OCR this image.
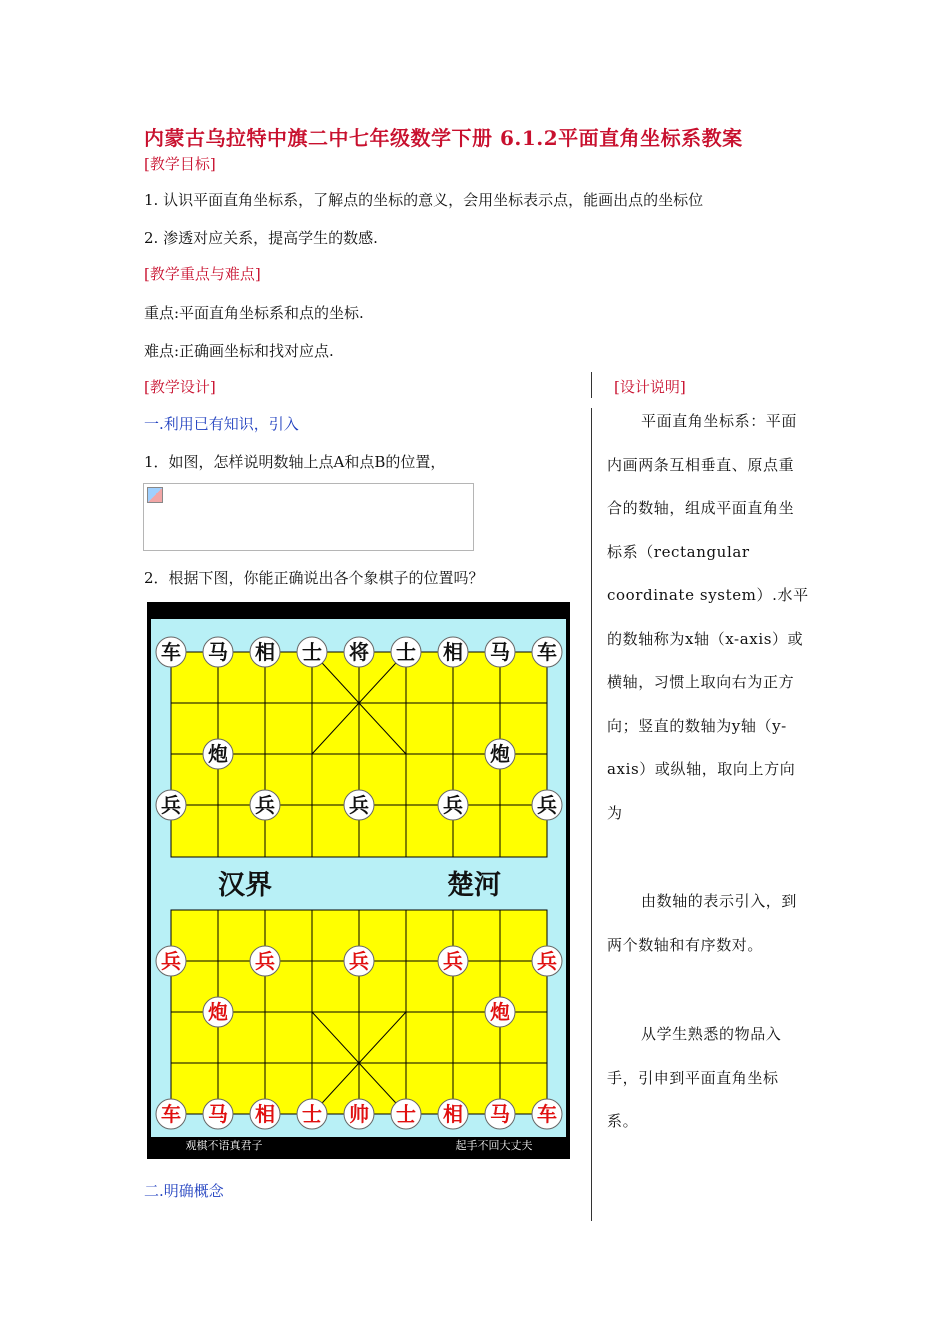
内蒙古乌拉特中旗二中七年级数学下册 6.1.2平面直角坐标系教案
[教学目标]
1. 认识平面直角坐标系，了解点的坐标的意义，会用坐标表示点，能画出点的坐标位
2. 渗透对应关系，提高学生的数感.
[教学重点与难点]
重点:平面直角坐标系和点的坐标.
难点:正确画坐标和找对应点.
[教学设计]	[设计说明]
一.利用已有知识，引入
1．如图，怎样说明数轴上点A和点B的位置，
2．根据下图，你能正确说出各个象棋子的位置吗？
汉界	楚河
车 马 相 士 将 士 相 马 车
炮	炮
兵	兵	兵	兵	兵
兵	兵	兵	兵	兵
炮	炮
车 马 相 士 帅 士 相 马 车
观棋不语真君子	起手不回大丈夫
二.明确概念
平面直角坐标系：平面内画两条互相垂直、原点重合的数轴，组成平面直角坐标系（rectangular coordinate system）.水平的数轴称为x轴（x-axis）或横轴，习惯上取向右为正方向；竖直的数轴为y轴（y-axis）或纵轴，取向上方向为
由数轴的表示引入，到两个数轴和有序数对。
从学生熟悉的物品入手，引申到平面直角坐标系。
